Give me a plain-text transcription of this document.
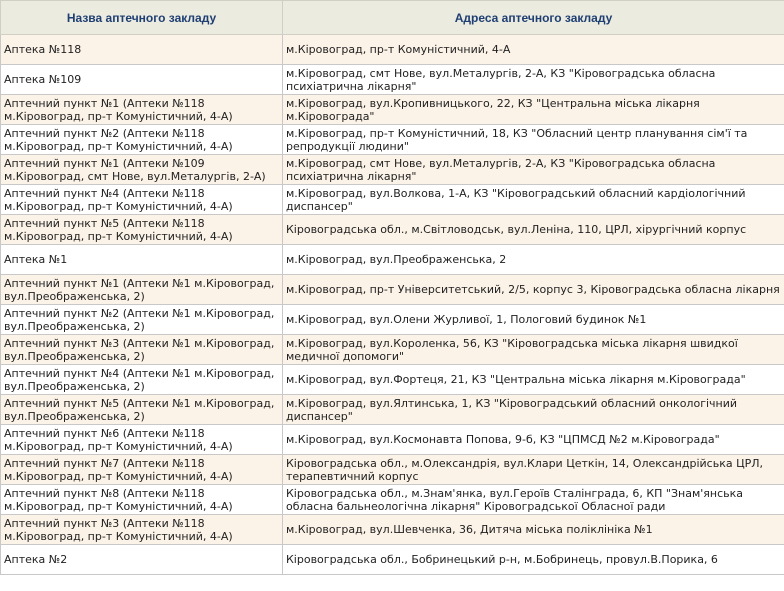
Назва аптечного закладу	Адреса аптечного закладу
Аптека №118	м.Кіровоград, пр-т Комуністичний, 4-А
Аптека №109	м.Кіровоград, смт Нове, вул.Металургів, 2-А, КЗ "Кіровоградська обласна психіатрична лікарня"
Аптечний пункт №1 (Аптеки №118 м.Кіровоград, пр-т Комуністичний, 4-А)	м.Кіровоград, вул.Кропивницького, 22, КЗ "Центральна міська лікарня м.Кіровограда"
Аптечний пункт №2 (Аптеки №118 м.Кіровоград, пр-т Комуністичний, 4-А)	м.Кіровоград, пр-т Комуністичний, 18, КЗ "Обласний центр планування сім'ї та репродукції людини"
Аптечний пункт №1 (Аптеки №109 м.Кіровоград, смт Нове, вул.Металургів, 2-А)	м.Кіровоград, смт Нове, вул.Металургів, 2-А, КЗ "Кіровоградська обласна психіатрична лікарня"
Аптечний пункт №4 (Аптеки №118 м.Кіровоград, пр-т Комуністичний, 4-А)	м.Кіровоград, вул.Волкова, 1-А, КЗ "Кіровоградський обласний кардіологічний диспансер"
Аптечний пункт №5 (Аптеки №118 м.Кіровоград, пр-т Комуністичний, 4-А)	Кіровоградська обл., м.Світловодськ, вул.Леніна, 110, ЦРЛ, хірургічний корпус
Аптека №1	м.Кіровоград, вул.Преображенська, 2
Аптечний пункт №1 (Аптеки №1 м.Кіровоград, вул.Преображенська, 2)	м.Кіровоград, пр-т Університетський, 2/5, корпус 3, Кіровоградська обласна лікарня
Аптечний пункт №2 (Аптеки №1 м.Кіровоград, вул.Преображенська, 2)	м.Кіровоград, вул.Олени Журливої, 1, Пологовий будинок №1
Аптечний пункт №3 (Аптеки №1 м.Кіровоград, вул.Преображенська, 2)	м.Кіровоград, вул.Короленка, 56, КЗ "Кіровоградська міська лікарня швидкої медичної допомоги"
Аптечний пункт №4 (Аптеки №1 м.Кіровоград, вул.Преображенська, 2)	м.Кіровоград, вул.Фортеця, 21, КЗ "Центральна міська лікарня м.Кіровограда"
Аптечний пункт №5 (Аптеки №1 м.Кіровоград, вул.Преображенська, 2)	м.Кіровоград, вул.Ялтинська, 1, КЗ "Кіровоградський обласний онкологічний диспансер"
Аптечний пункт №6 (Аптеки №118 м.Кіровоград, пр-т Комуністичний, 4-А)	м.Кіровоград, вул.Космонавта Попова, 9-б, КЗ "ЦПМСД №2 м.Кіровограда"
Аптечний пункт №7 (Аптеки №118 м.Кіровоград, пр-т Комуністичний, 4-А)	Кіровоградська обл., м.Олександрія, вул.Клари Цеткін, 14, Олександрійська ЦРЛ, терапевтичний корпус
Аптечний пункт №8 (Аптеки №118 м.Кіровоград, пр-т Комуністичний, 4-А)	Кіровоградська обл., м.Знам'янка, вул.Героїв Сталінграда, 6, КП "Знам'янська обласна бальнеологічна лікарня" Кіровоградської Обласної ради
Аптечний пункт №3 (Аптеки №118 м.Кіровоград, пр-т Комуністичний, 4-А)	м.Кіровоград, вул.Шевченка, 36, Дитяча міська поліклініка №1
Аптека №2	Кіровоградська обл., Бобринецький р-н, м.Бобринець, провул.В.Порика, 6
